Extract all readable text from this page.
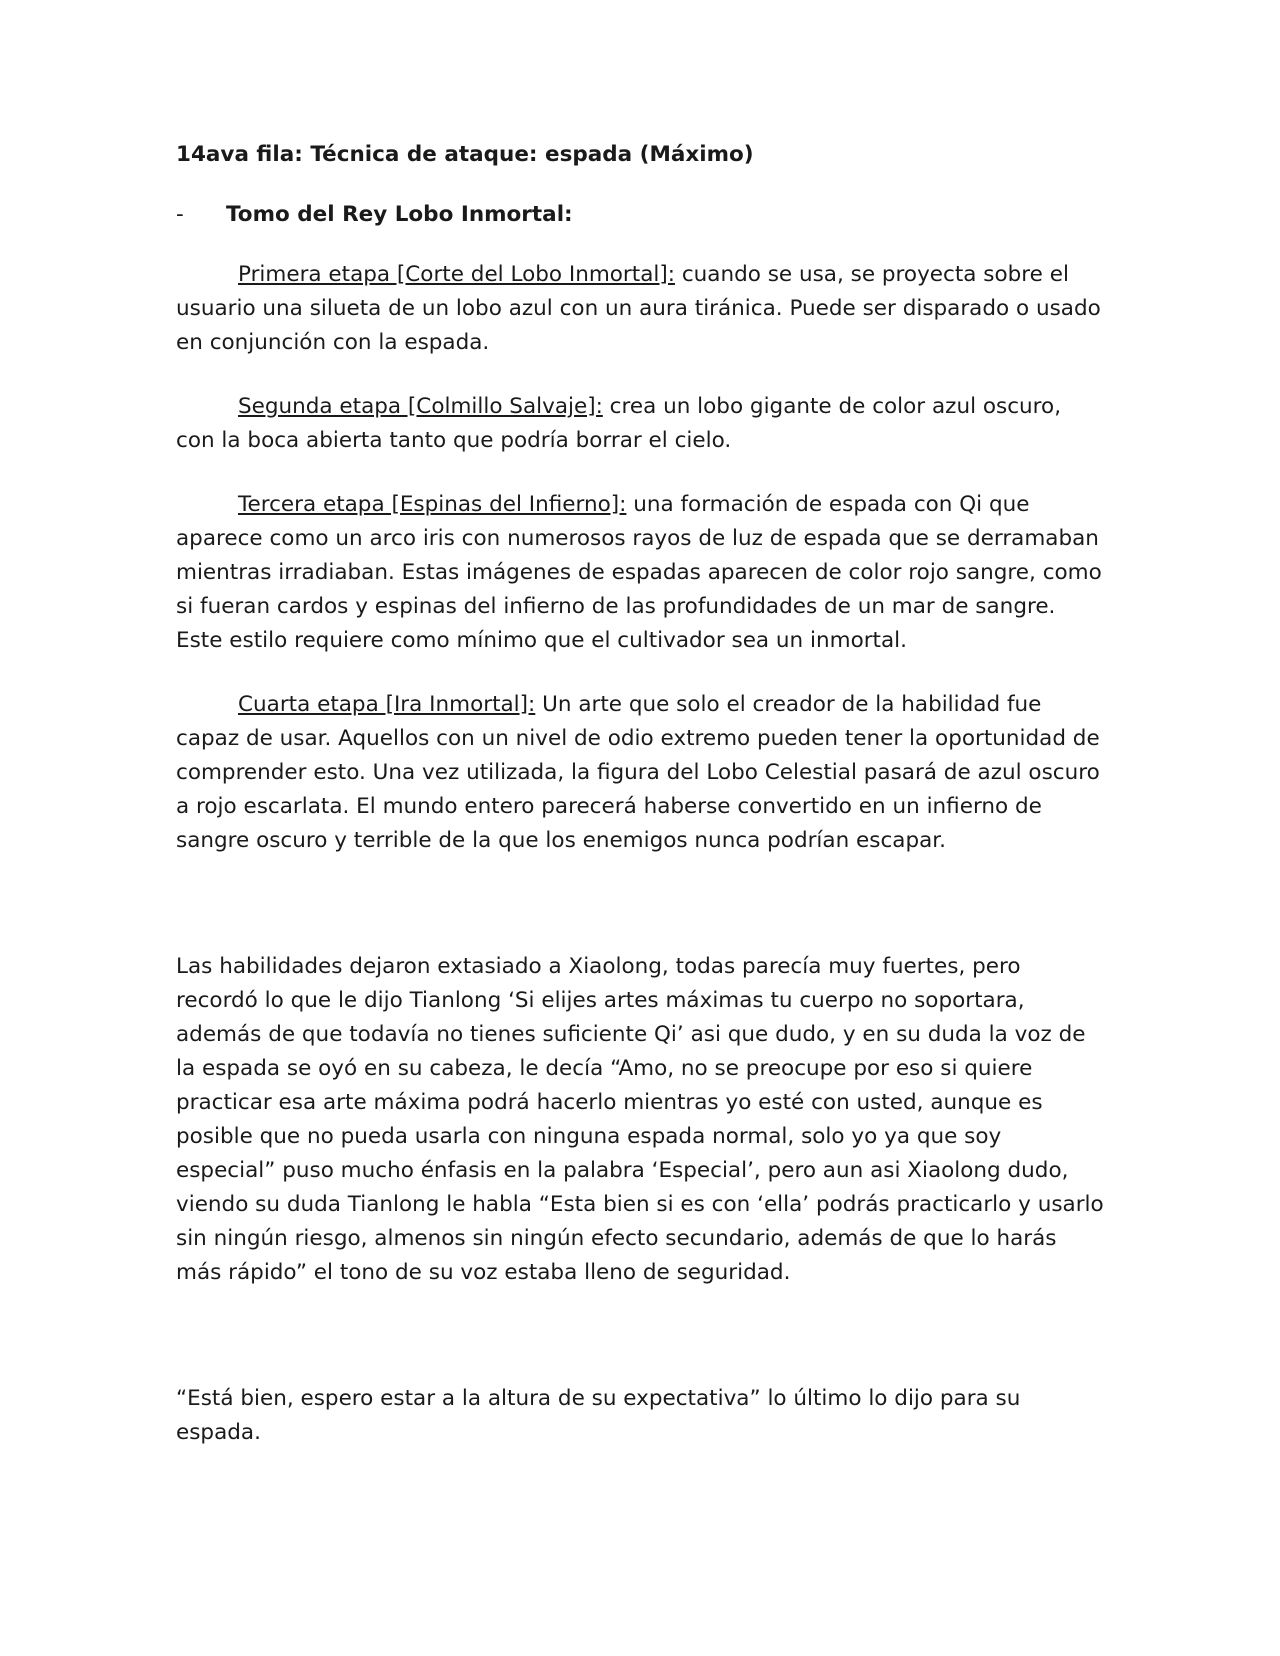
14ava fila: Técnica de ataque: espada (Máximo)

-	Tomo del Rey Lobo Inmortal:

Primera etapa [Corte del Lobo Inmortal]: cuando se usa, se proyecta sobre el usuario una silueta de un lobo azul con un aura tiránica. Puede ser disparado o usado en conjunción con la espada.

Segunda etapa [Colmillo Salvaje]: crea un lobo gigante de color azul oscuro, con la boca abierta tanto que podría borrar el cielo.

Tercera etapa [Espinas del Infierno]: una formación de espada con Qi que aparece como un arco iris con numerosos rayos de luz de espada que se derramaban mientras irradiaban. Estas imágenes de espadas aparecen de color rojo sangre, como si fueran cardos y espinas del infierno de las profundidades de un mar de sangre. Este estilo requiere como mínimo que el cultivador sea un inmortal.

Cuarta etapa [Ira Inmortal]: Un arte que solo el creador de la habilidad fue capaz de usar. Aquellos con un nivel de odio extremo pueden tener la oportunidad de comprender esto. Una vez utilizada, la figura del Lobo Celestial pasará de azul oscuro a rojo escarlata. El mundo entero parecerá haberse convertido en un infierno de sangre oscuro y terrible de la que los enemigos nunca podrían escapar.

Las habilidades dejaron extasiado a Xiaolong, todas parecía muy fuertes, pero recordó lo que le dijo Tianlong ‘Si elijes artes máximas tu cuerpo no soportara, además de que todavía no tienes suficiente Qi’ asi que dudo, y en su duda la voz de la espada se oyó en su cabeza, le decía “Amo, no se preocupe por eso si quiere practicar esa arte máxima podrá hacerlo mientras yo esté con usted, aunque es posible que no pueda usarla con ninguna espada normal, solo yo ya que soy especial” puso mucho énfasis en la palabra ‘Especial’, pero aun asi Xiaolong dudo, viendo su duda Tianlong le habla “Esta bien si es con ‘ella’ podrás practicarlo y usarlo sin ningún riesgo, almenos sin ningún efecto secundario, además de que lo harás más rápido” el tono de su voz estaba lleno de seguridad.

“Está bien, espero estar a la altura de su expectativa” lo último lo dijo para su espada.
